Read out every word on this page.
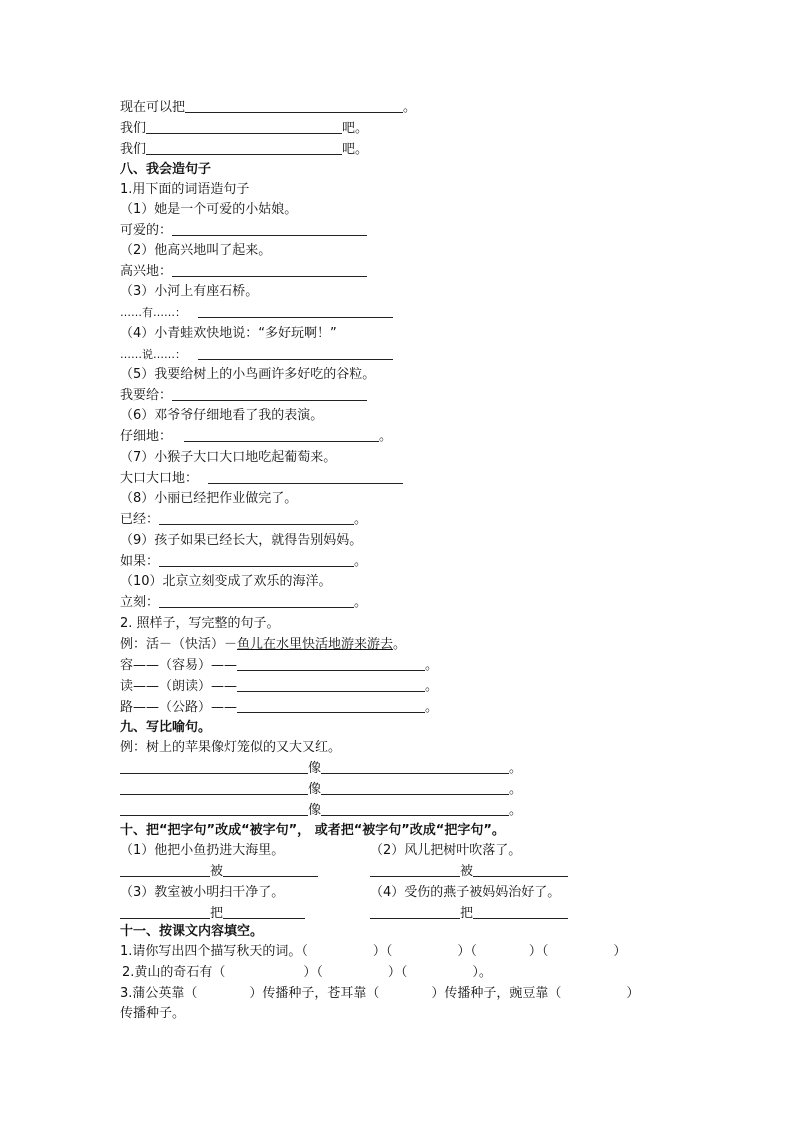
现在可以把	。
我们	吧。
我们	吧。
八、我会造句子
1.用下面的词语造句子
（1）她是一个可爱的小姑娘。
可爱的：
（2）他高兴地叫了起来。
高兴地：
（3）小河上有座石桥。
……有……：
（4）小青蛙欢快地说：“多好玩啊！”
……说……：
（5）我要给树上的小鸟画许多好吃的谷粒。
我要给：
（6）邓爷爷仔细地看了我的表演。
仔细地：	。
（7）小猴子大口大口地吃起葡萄来。
大口大口地：
（8）小丽已经把作业做完了。
已经：	。
（9）孩子如果已经长大，就得告别妈妈。
如果：	。
（10）北京立刻变成了欢乐的海洋。
立刻：	。
2. 照样子，写完整的句子。
例：活－（快活）－鱼儿在水里快活地游来游去。
容——（容易）——	。
读——（朗读）——	。
路——（公路）——	。
九、写比喻句。
例：树上的苹果像灯笼似的又大又红。
像	。
像	。
像	。
十、把“把字句”改成“被字句”， 或者把“被字句”改成“把字句”。
（1）他把小鱼扔进大海里。	（2）风儿把树叶吹落了。
被	被
（3）教室被小明扫干净了。	（4）受伤的燕子被妈妈治好了。
把	把
十一、按课文内容填空。
1.请你写出四个描写秋天的词。（　　　　　）（　　　　　）（　　　　）（　　　　　）
2.黄山的奇石有（　　　　　　）（　　　　　）（　　　　　）。
3.蒲公英靠（　　　　）传播种子，苍耳靠（　　　　）传播种子，豌豆靠（　　　　　）
传播种子。
